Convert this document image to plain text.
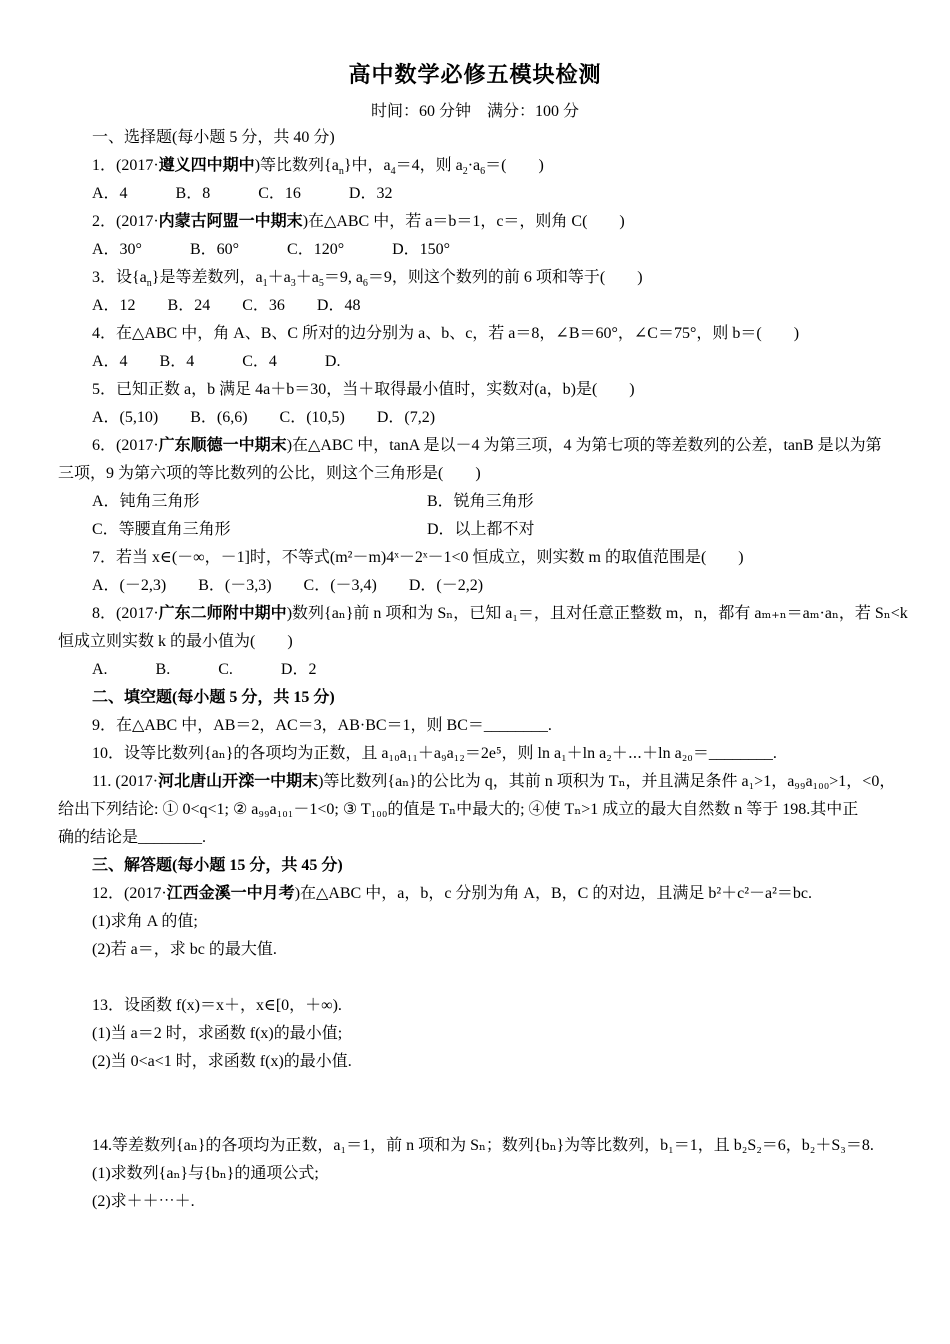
高中数学必修五模块检测
时间：60 分钟　满分：100 分
一、选择题(每小题 5 分，共 40 分)
1．(2017·遵义四中期中)等比数列$\{a_n\}$中，$a_4=4$，则 $a_2\cdot a_6=$(　　)
A．4　　　B．8　　　C．16　　　D．32
2．(2017·内蒙古阿盟一中期末)在△ABC 中，若 a＝b＝1，c＝，则角 C(　　)
A．30°　　　B．60°　　　C．120°　　　D．150°
3．设$\{a_n\}$是等差数列，$a_1+a_3+a_5=9$, $a_6=9$，则这个数列的前 6 项和等于(　　)
A．12　　B．24　　C．36　　D．48
4．在△ABC 中，角 A、B、C 所对的边分别为 a、b、c，若 a＝8，∠B＝60°，∠C＝75°，则 b＝(　　)
A．4　　B．4　　　C．4　　　D.
5．已知正数 a，b 满足 4a＋b＝30，当＋取得最小值时，实数对(a，b)是(　　)
A．(5,10)　　B．(6,6)　　C．(10,5)　　D．(7,2)
6．(2017·广东顺德一中期末)在△ABC 中，tanA 是以－4 为第三项，4 为第七项的等差数列的公差，tanB 是以为第
三项，9 为第六项的等比数列的公比，则这个三角形是(　　)
A．钝角三角形	B．锐角三角形
C．等腰直角三角形	D．以上都不对
7．若当 x∈(－∞，－1]时，不等式(m²－m)4ˣ－2ˣ－1<0 恒成立，则实数 m 的取值范围是(　　)
A．(－2,3)　　B．(－3,3)　　C．(－3,4)　　D．(－2,2)
8．(2017·广东二师附中期中)数列{aₙ}前 n 项和为 Sₙ，已知 a₁＝，且对任意正整数 m，n，都有 aₘ₊ₙ＝aₘ·aₙ，若 Sₙ<k
恒成立则实数 k 的最小值为(　　)
A.　　　B.　　　C.　　　D．2
二、填空题(每小题 5 分，共 15 分)
9．在△ABC 中，AB＝2，AC＝3，AB·BC＝1，则 BC＝________.
10．设等比数列{aₙ}的各项均为正数，且 a₁₀a₁₁＋a₉a₁₂＝2e⁵，则 ln a₁＋ln a₂＋⋯＋ln a₂₀＝________.
11. (2017·河北唐山开滦一中期末)等比数列{aₙ}的公比为 q，其前 n 项积为 Tₙ，并且满足条件 a₁>1，a₉₉a₁₀₀>1，<0，
给出下列结论: ① 0<q<1; ② a₉₉a₁₀₁－1<0; ③ T₁₀₀的值是 Tₙ中最大的; ④使 Tₙ>1 成立的最大自然数 n 等于 198.其中正
确的结论是________.
三、解答题(每小题 15 分，共 45 分)
12．(2017·江西金溪一中月考)在△ABC 中，a，b，c 分别为角 A，B，C 的对边，且满足 b²＋c²－a²＝bc.
(1)求角 A 的值;
(2)若 a＝，求 bc 的最大值.
13．设函数 f(x)＝x＋，x∈[0，＋∞).
(1)当 a＝2 时，求函数 f(x)的最小值;
(2)当 0<a<1 时，求函数 f(x)的最小值.
14.等差数列{aₙ}的各项均为正数，a₁＝1，前 n 项和为 Sₙ；数列{bₙ}为等比数列，b₁＝1，且 b₂S₂＝6，b₂＋S₃＝8.
(1)求数列{aₙ}与{bₙ}的通项公式;
(2)求＋＋⋯＋.
